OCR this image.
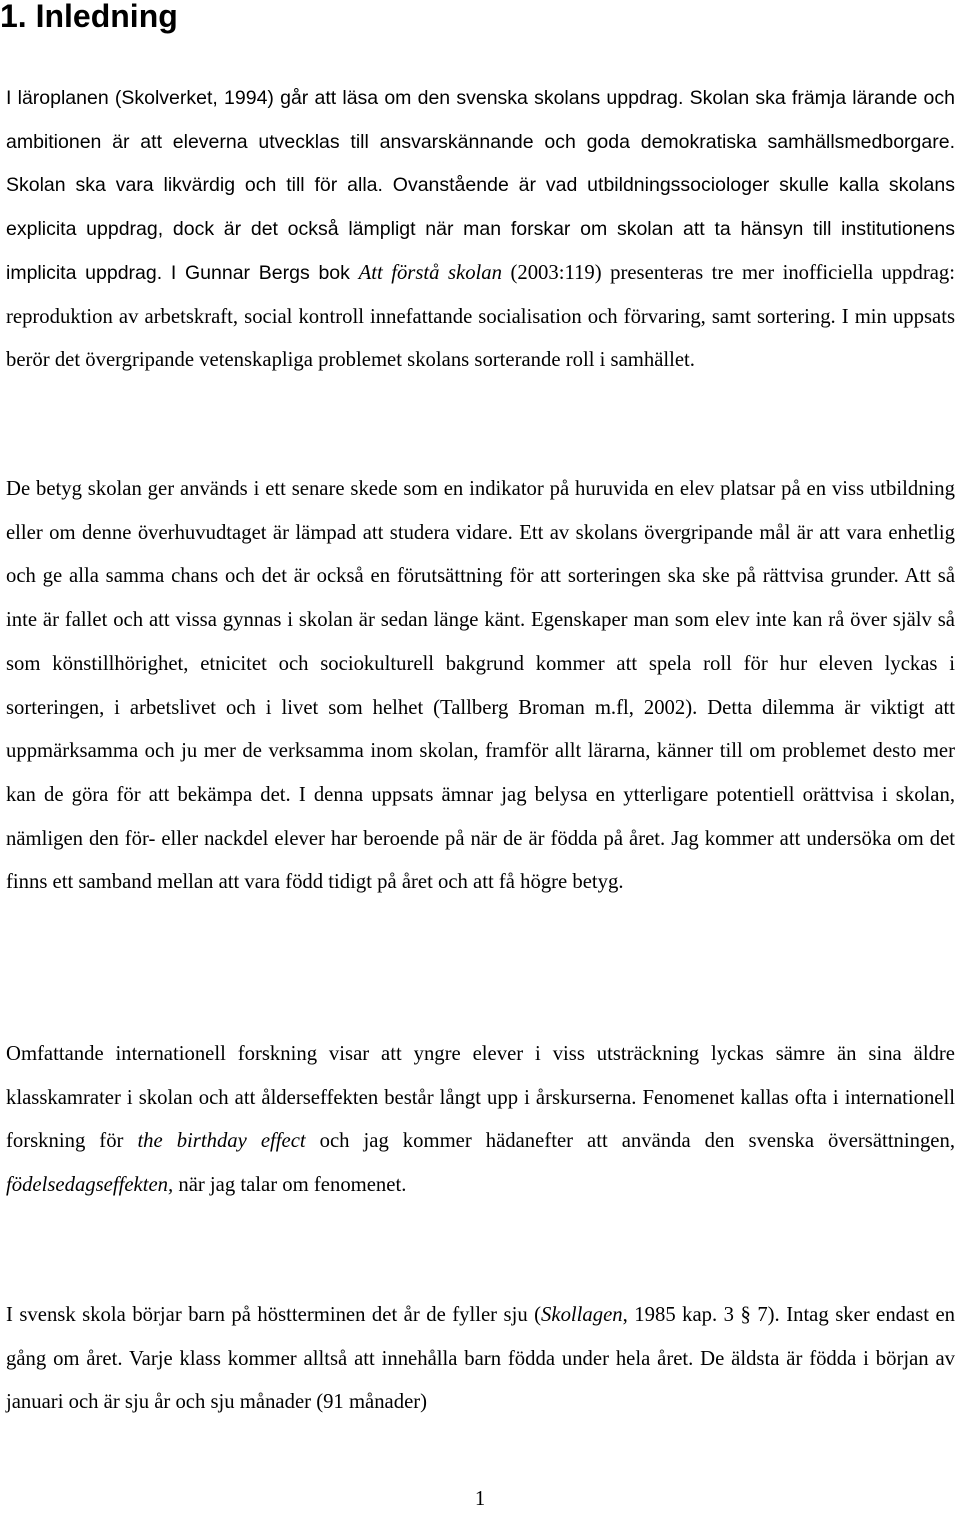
1. Inledning

I läroplanen (Skolverket, 1994) går att läsa om den svenska skolans uppdrag. Skolan ska främja lärande och ambitionen är att eleverna utvecklas till ansvarskännande och goda demokratiska samhällsmedborgare. Skolan ska vara likvärdig och till för alla. Ovanstående är vad utbildningssociologer skulle kalla skolans explicita uppdrag, dock är det också lämpligt när man forskar om skolan att ta hänsyn till institutionens implicita uppdrag. I Gunnar Bergs bok Att förstå skolan (2003:119) presenteras tre mer inofficiella uppdrag: reproduktion av arbetskraft, social kontroll innefattande socialisation och förvaring, samt sortering. I min uppsats berör det övergripande vetenskapliga problemet skolans sorterande roll i samhället.

De betyg skolan ger används i ett senare skede som en indikator på huruvida en elev platsar på en viss utbildning eller om denne överhuvudtaget är lämpad att studera vidare. Ett av skolans övergripande mål är att vara enhetlig och ge alla samma chans och det är också en förutsättning för att sorteringen ska ske på rättvisa grunder. Att så inte är fallet och att vissa gynnas i skolan är sedan länge känt. Egenskaper man som elev inte kan rå över själv så som könstillhörighet, etnicitet och sociokulturell bakgrund kommer att spela roll för hur eleven lyckas i sorteringen, i arbetslivet och i livet som helhet (Tallberg Broman m.fl, 2002). Detta dilemma är viktigt att uppmärksamma och ju mer de verksamma inom skolan, framför allt lärarna, känner till om problemet desto mer kan de göra för att bekämpa det. I denna uppsats ämnar jag belysa en ytterligare potentiell orättvisa i skolan, nämligen den för- eller nackdel elever har beroende på när de är födda på året. Jag kommer att undersöka om det finns ett samband mellan att vara född tidigt på året och att få högre betyg.

Omfattande internationell forskning visar att yngre elever i viss utsträckning lyckas sämre än sina äldre klasskamrater i skolan och att ålderseffekten består långt upp i årskurserna. Fenomenet kallas ofta i internationell forskning för the birthday effect och jag kommer hädanefter att använda den svenska översättningen, födelsedagseffekten, när jag talar om fenomenet.

I svensk skola börjar barn på höstterminen det år de fyller sju (Skollagen, 1985 kap. 3 § 7). Intag sker endast en gång om året. Varje klass kommer alltså att innehålla barn födda under hela året. De äldsta är födda i början av januari och är sju år och sju månader (91 månader)

1
